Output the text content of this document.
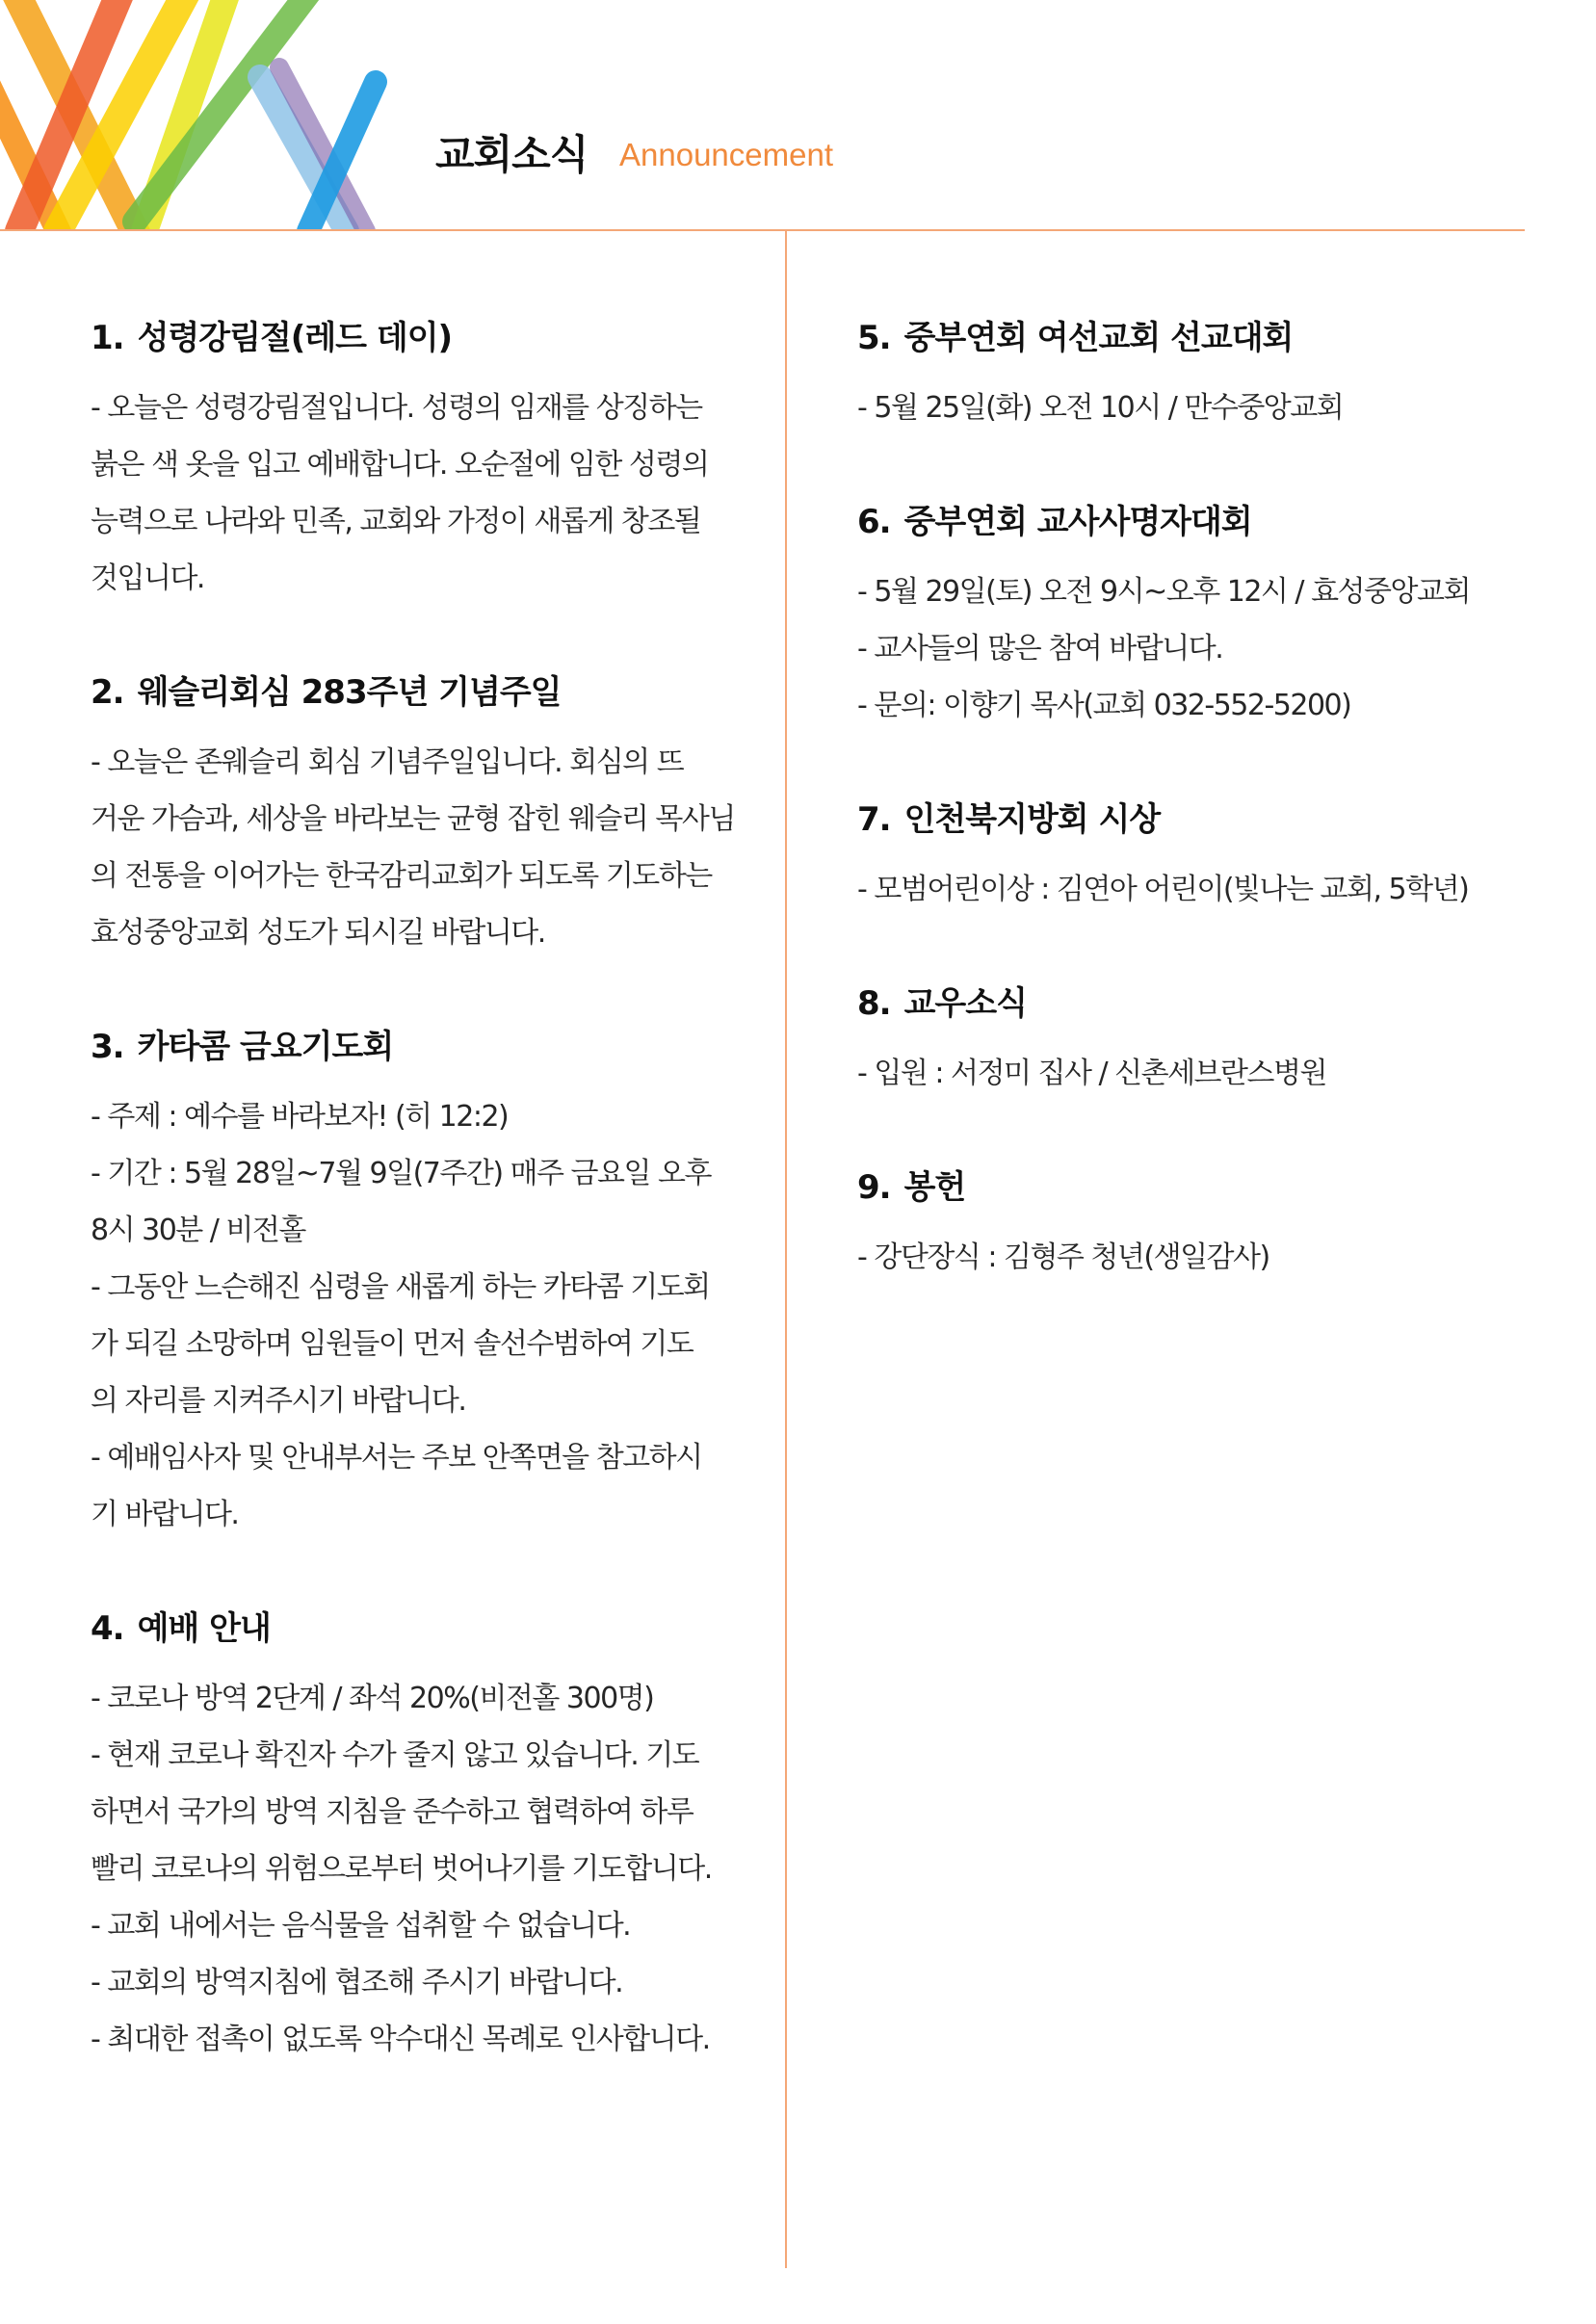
교회소식 Announcement
1. 성령강림절(레드 데이)
- 오늘은 성령강림절입니다. 성령의 임재를 상징하는
붉은 색 옷을 입고 예배합니다. 오순절에 임한 성령의
능력으로 나라와 민족, 교회와 가정이 새롭게 창조될
것입니다.
2. 웨슬리회심 283주년 기념주일
- 오늘은 존웨슬리 회심 기념주일입니다. 회심의 뜨
거운 가슴과, 세상을 바라보는 균형 잡힌 웨슬리 목사님
의 전통을 이어가는 한국감리교회가 되도록 기도하는
효성중앙교회 성도가 되시길 바랍니다.
3. 카타콤 금요기도회
- 주제 : 예수를 바라보자! (히 12:2)
- 기간 : 5월 28일~7월 9일(7주간) 매주 금요일 오후
8시 30분 / 비전홀
- 그동안 느슨해진 심령을 새롭게 하는 카타콤 기도회
가 되길 소망하며 임원들이 먼저 솔선수범하여 기도
의 자리를 지켜주시기 바랍니다.
- 예배임사자 및 안내부서는 주보 안쪽면을 참고하시
기 바랍니다.
4. 예배 안내
- 코로나 방역 2단계 / 좌석 20%(비전홀 300명)
- 현재 코로나 확진자 수가 줄지 않고 있습니다. 기도
하면서 국가의 방역 지침을 준수하고 협력하여 하루
빨리 코로나의 위험으로부터 벗어나기를 기도합니다.
- 교회 내에서는 음식물을 섭취할 수 없습니다.
- 교회의 방역지침에 협조해 주시기 바랍니다.
- 최대한 접촉이 없도록 악수대신 목례로 인사합니다.
5. 중부연회 여선교회 선교대회
- 5월 25일(화) 오전 10시 / 만수중앙교회
6. 중부연회 교사사명자대회
- 5월 29일(토) 오전 9시~오후 12시 / 효성중앙교회
- 교사들의 많은 참여 바랍니다.
- 문의: 이향기 목사(교회 032-552-5200)
7. 인천북지방회 시상
- 모범어린이상 : 김연아 어린이(빛나는 교회, 5학년)
8. 교우소식
- 입원 : 서정미 집사 / 신촌세브란스병원
9. 봉헌
- 강단장식 : 김형주 청년(생일감사)
